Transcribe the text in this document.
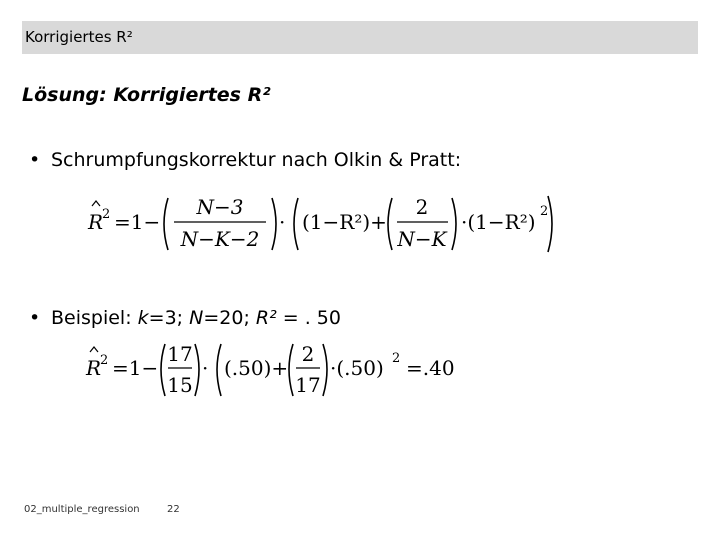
Korrigiertes R²
Lösung: Korrigiertes R²
• Schrumpfungskorrektur nach Olkin & Pratt:
R
2 =1−
N−3
N−K−2
· (1−R²)+
2
N−K
·(1−R²) 2
• Beispiel: k=3; N=20; R² = . 50
R
2 =1−
17
15
· (.50)+
2
17
·(.50) 2 =.40
02_multiple_regression	22
